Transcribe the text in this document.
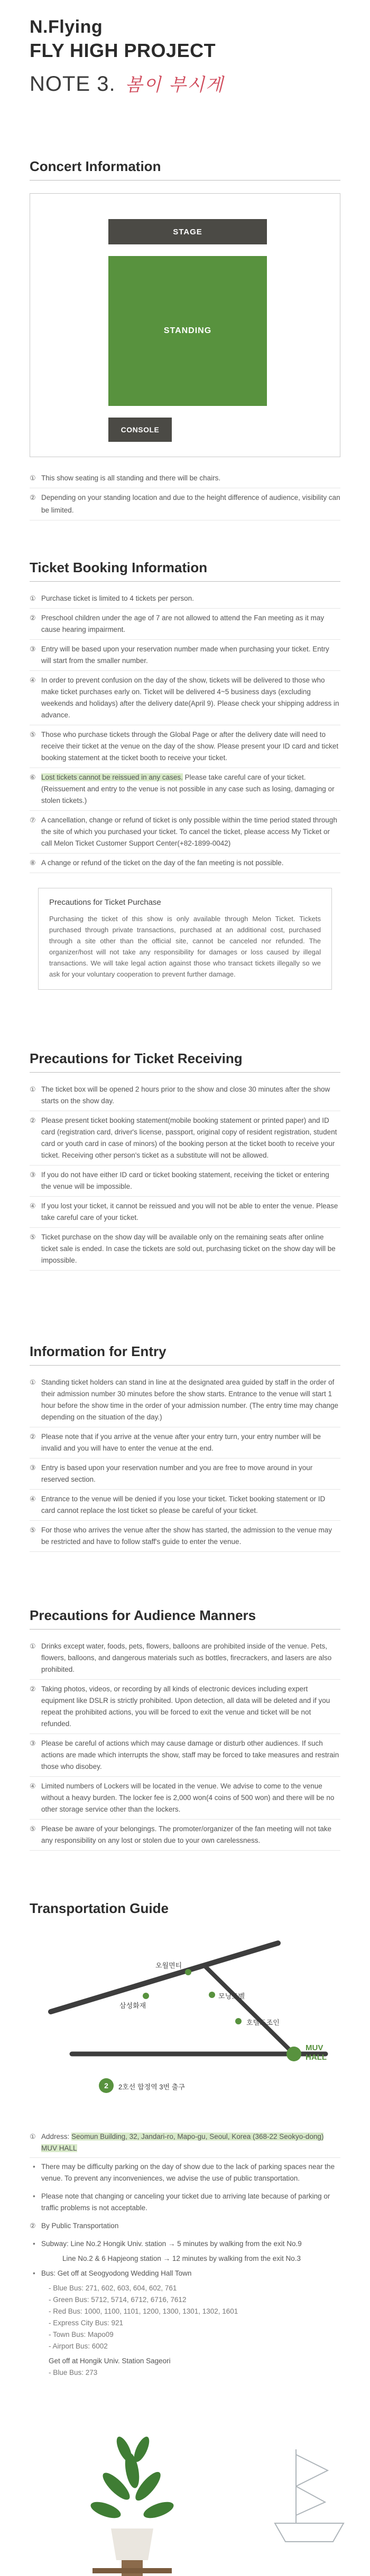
N.Flying
FLY HIGH PROJECT
NOTE 3. 봄이 부시게
Concert Information
STAGE
STANDING
CONSOLE
① This show seating is all standing and there will be chairs.
② Depending on your standing location and due to the height difference of audience, visibility can be limited.
Ticket Booking Information
① Purchase ticket is limited to 4 tickets per person.
② Preschool children under the age of 7 are not allowed to attend the Fan meeting as it may cause hearing impairment.
③ Entry will be based upon your reservation number made when purchasing your ticket. Entry will start from the smaller number.
④ In order to prevent confusion on the day of the show, tickets will be delivered to those who make ticket purchases early on. Ticket will be delivered 4~5 business days (excluding weekends and holidays) after the delivery date(April 9). Please check your shipping address in advance.
⑤ Those who purchase tickets through the Global Page or after the delivery date will need to receive their ticket at the venue on the day of the show. Please present your ID card and ticket booking statement at the ticket booth to receive your ticket.
⑥ Lost tickets cannot be reissued in any cases. Please take careful care of your ticket. (Reissuement and entry to the venue is not possible in any case such as losing, damaging or stolen tickets.)
⑦ A cancellation, change or refund of ticket is only possible within the time period stated through the site of which you purchased your ticket. To cancel the ticket, please access My Ticket or call Melon Ticket Customer Support Center(+82-1899-0042)
⑧ A change or refund of the ticket on the day of the fan meeting is not possible.
Precautions for Ticket Purchase
Purchasing the ticket of this show is only available through Melon Ticket. Tickets purchased through private transactions, purchased at an additional cost, purchased through a site other than the official site, cannot be canceled nor refunded. The organizer/host will not take any responsibility for damages or loss caused by illegal transactions. We will take legal action against those who transact tickets illegally so we ask for your voluntary cooperation to prevent further damage.
Precautions for Ticket Receiving
① The ticket box will be opened 2 hours prior to the show and close 30 minutes after the show starts on the show day.
② Please present ticket booking statement(mobile booking statement or printed paper) and ID card (registration card, driver's license, passport, original copy of resident registration, student card or youth card in case of minors) of the booking person at the ticket booth to receive your ticket. Receiving other person's ticket as a substitute will not be allowed.
③ If you do not have either ID card or ticket booking statement, receiving the ticket or entering the venue will be impossible.
④ If you lost your ticket, it cannot be reissued and you will not be able to enter the venue. Please take careful care of your ticket.
⑤ Ticket purchase on the show day will be available only on the remaining seats after online ticket sale is ended. In case the tickets are sold out, purchasing ticket on the show day will be impossible.
Information for Entry
① Standing ticket holders can stand in line at the designated area guided by staff in the order of their admission number 30 minutes before the show starts. Entrance to the venue will start 1 hour before the show time in the order of your admission number. (The entry time may change depending on the situation of the day.)
② Please note that if you arrive at the venue after your entry turn, your entry number will be invalid and you will have to enter the venue at the end.
③ Entry is based upon your reservation number and you are free to move around in your reserved section.
④ Entrance to the venue will be denied if you lose your ticket. Ticket booking statement or ID card cannot replace the lost ticket so please be careful of your ticket.
⑤ For those who arrives the venue after the show has started, the admission to the venue may be restricted and have to follow staff's guide to enter the venue.
Precautions for Audience Manners
① Drinks except water, foods, pets, flowers, balloons are prohibited inside of the venue. Pets, flowers, balloons, and dangerous materials such as bottles, firecrackers, and lasers are also prohibited.
② Taking photos, videos, or recording by all kinds of electronic devices including expert equipment like DSLR is strictly prohibited. Upon detection, all data will be deleted and if you repeat the prohibited actions, you will be forced to exit the venue and ticket will be not refunded.
③ Please be careful of actions which may cause damage or disturb other audiences. If such actions are made which interrupts the show, staff may be forced to take measures and restrain those who disobey.
④ Limited numbers of Lockers will be located in the venue. We advise to come to the venue without a heavy burden. The locker fee is 2,000 won(4 coins of 500 won) and there will be no other storage service other than the lockers.
⑤ Please be aware of your belongings. The promoter/organizer of the fan meeting will not take any responsibility on any lost or stolen due to your own carelessness.
Transportation Guide
오월면티
삼성화재
모닝조벨
호텔드조인
MUV HALL
2 2호선 합정역 3번 출구
① Address: Seomun Building, 32, Jandari-ro, Mapo-gu, Seoul, Korea (368-22 Seokyo-dong) MUV HALL
• There may be difficulty parking on the day of show due to the lack of parking spaces near the venue. To prevent any inconveniences, we advise the use of public transportation.
• Please note that changing or canceling your ticket due to arriving late because of parking or traffic problems is not acceptable.
② By Public Transportation
• Subway: Line No.2 Hongik Univ. station → 5 minutes by walking from the exit No.9
Line No.2 & 6 Hapjeong station → 12 minutes by walking from the exit No.3
• Bus: Get off at Seogyodong Wedding Hall Town
- Blue Bus: 271, 602, 603, 604, 602, 761
- Green Bus: 5712, 5714, 6712, 6716, 7612
- Red Bus: 1000, 1100, 1101, 1200, 1300, 1301, 1302, 1601
- Express City Bus: 921
- Town Bus: Mapo09
- Airport Bus: 6002
Get off at Hongik Univ. Station Sageori
- Blue Bus: 273
